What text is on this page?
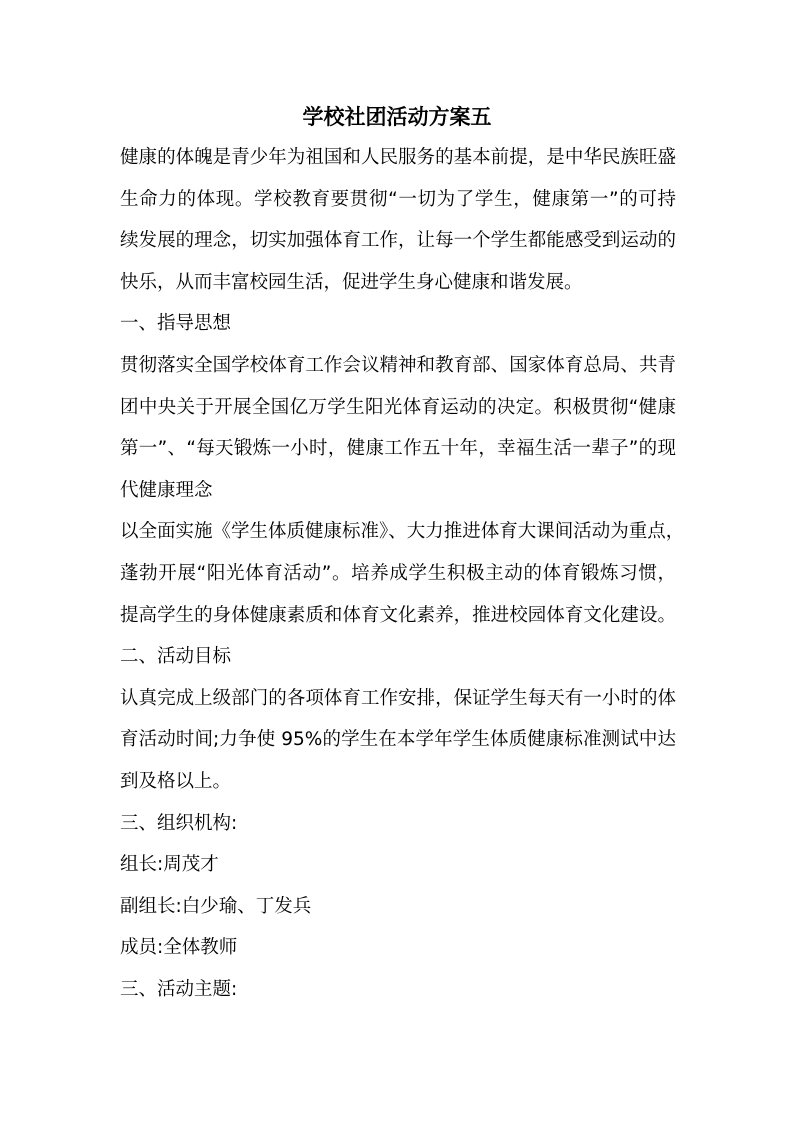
学校社团活动方案五
健康的体魄是青少年为祖国和人民服务的基本前提，是中华民族旺盛
生命力的体现。学校教育要贯彻“一切为了学生，健康第一”的可持
续发展的理念，切实加强体育工作，让每一个学生都能感受到运动的
快乐，从而丰富校园生活，促进学生身心健康和谐发展。
一、指导思想
贯彻落实全国学校体育工作会议精神和教育部、国家体育总局、共青
团中央关于开展全国亿万学生阳光体育运动的决定。积极贯彻“健康
第一”、“每天锻炼一小时，健康工作五十年，幸福生活一辈子”的现
代健康理念
以全面实施《学生体质健康标准》、大力推进体育大课间活动为重点，
蓬勃开展“阳光体育活动”。培养成学生积极主动的体育锻炼习惯，
提高学生的身体健康素质和体育文化素养，推进校园体育文化建设。
二、活动目标
认真完成上级部门的各项体育工作安排，保证学生每天有一小时的体
育活动时间;力争使 95%的学生在本学年学生体质健康标准测试中达
到及格以上。
三、组织机构:
组长:周茂才
副组长:白少瑜、丁发兵
成员:全体教师
三、活动主题:
